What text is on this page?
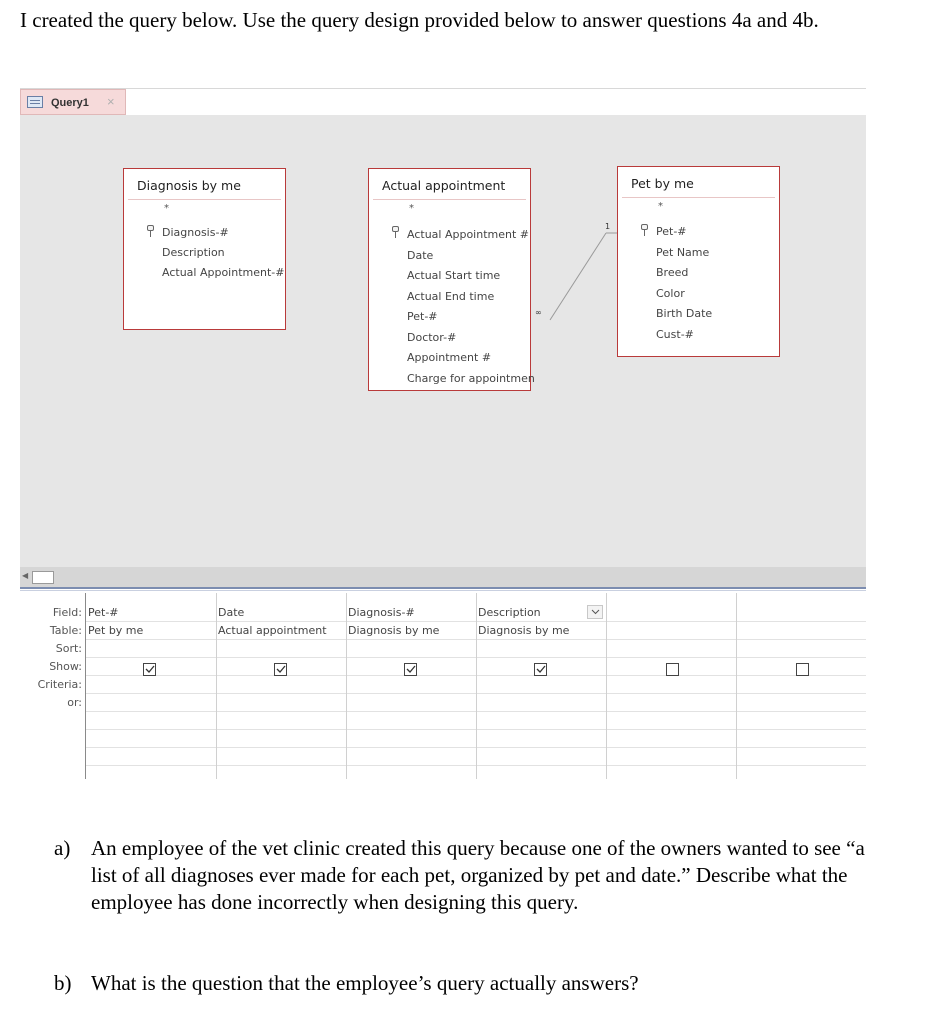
I created the query below. Use the query design provided below to answer questions 4a and 4b.
Query1 ×
1
∞
Diagnosis by me
*
Diagnosis-#
Description
Actual Appointment-#
Actual appointment
*
Actual Appointment #
Date
Actual Start time
Actual End time
Pet-#
Doctor-#
Appointment #
Charge for appointmen
Pet by me
*
Pet-#
Pet Name
Breed
Color
Birth Date
Cust-#
◀
Field:
Table:
Sort:
Show:
Criteria:
or:
Pet-#
Pet by me
Date
Actual appointment
Diagnosis-#
Diagnosis by me
Description
Diagnosis by me
a) An employee of the vet clinic created this query because one of the owners wanted to see “a list of all diagnoses ever made for each pet, organized by pet and date.” Describe what the employee has done incorrectly when designing this query.
b) What is the question that the employee’s query actually answers?
